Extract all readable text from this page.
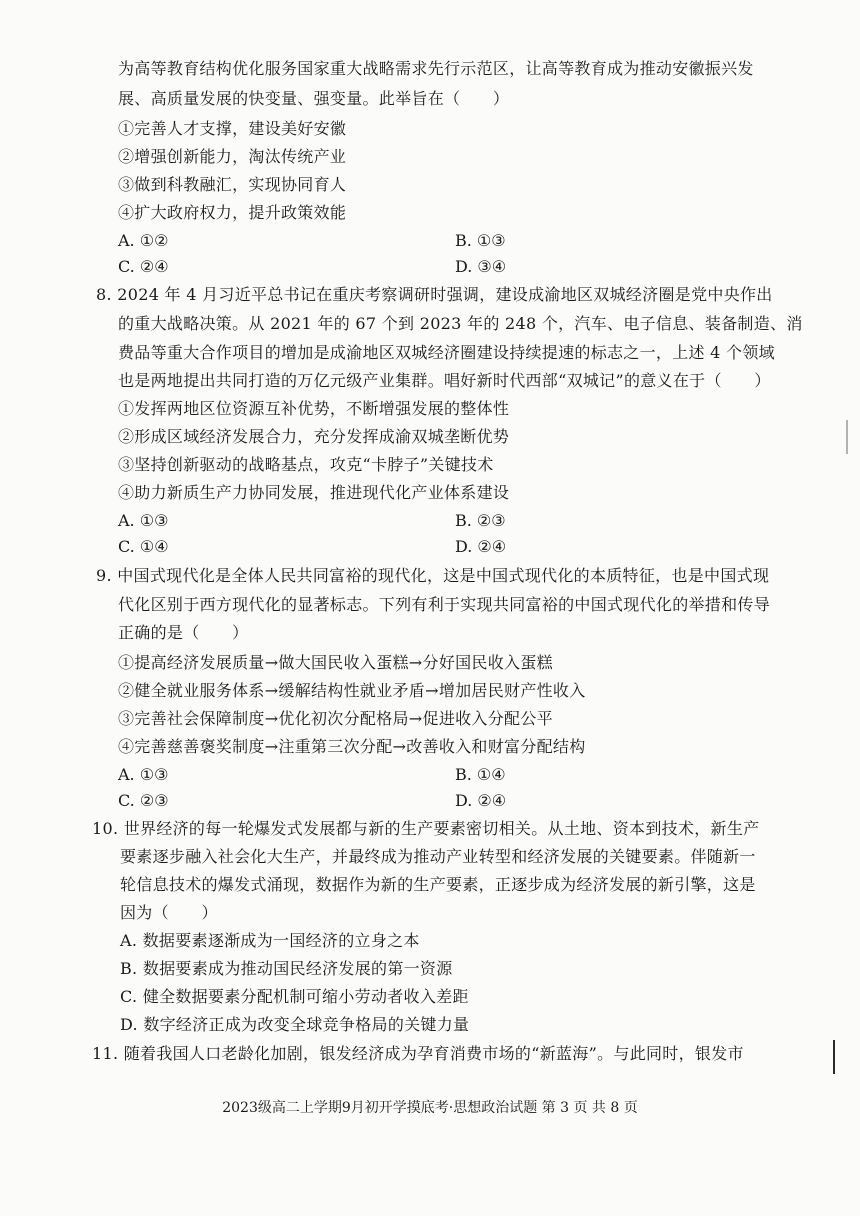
为高等教育结构优化服务国家重大战略需求先行示范区，让高等教育成为推动安徽振兴发
展、高质量发展的快变量、强变量。此举旨在（　　）
①完善人才支撑，建设美好安徽
②增强创新能力，淘汰传统产业
③做到科教融汇，实现协同育人
④扩大政府权力，提升政策效能
A. ①②	B. ①③
C. ②④	D. ③④
8. 2024 年 4 月习近平总书记在重庆考察调研时强调，建设成渝地区双城经济圈是党中央作出
的重大战略决策。从 2021 年的 67 个到 2023 年的 248 个，汽车、电子信息、装备制造、消
费品等重大合作项目的增加是成渝地区双城经济圈建设持续提速的标志之一，上述 4 个领域
也是两地提出共同打造的万亿元级产业集群。唱好新时代西部“双城记”的意义在于（　　）
①发挥两地区位资源互补优势，不断增强发展的整体性
②形成区域经济发展合力，充分发挥成渝双城垄断优势
③坚持创新驱动的战略基点，攻克“卡脖子”关键技术
④助力新质生产力协同发展，推进现代化产业体系建设
A. ①③	B. ②③
C. ①④	D. ②④
9. 中国式现代化是全体人民共同富裕的现代化，这是中国式现代化的本质特征，也是中国式现
代化区别于西方现代化的显著标志。下列有利于实现共同富裕的中国式现代化的举措和传导
正确的是（　　）
①提高经济发展质量→做大国民收入蛋糕→分好国民收入蛋糕
②健全就业服务体系→缓解结构性就业矛盾→增加居民财产性收入
③完善社会保障制度→优化初次分配格局→促进收入分配公平
④完善慈善褒奖制度→注重第三次分配→改善收入和财富分配结构
A. ①③	B. ①④
C. ②③	D. ②④
10. 世界经济的每一轮爆发式发展都与新的生产要素密切相关。从土地、资本到技术，新生产
要素逐步融入社会化大生产，并最终成为推动产业转型和经济发展的关键要素。伴随新一
轮信息技术的爆发式涌现，数据作为新的生产要素，正逐步成为经济发展的新引擎，这是
因为（　　）
A. 数据要素逐渐成为一国经济的立身之本
B. 数据要素成为推动国民经济发展的第一资源
C. 健全数据要素分配机制可缩小劳动者收入差距
D. 数字经济正成为改变全球竞争格局的关键力量
11. 随着我国人口老龄化加剧，银发经济成为孕育消费市场的“新蓝海”。与此同时，银发市
2023级高二上学期9月初开学摸底考·思想政治试题 第 3 页 共 8 页
